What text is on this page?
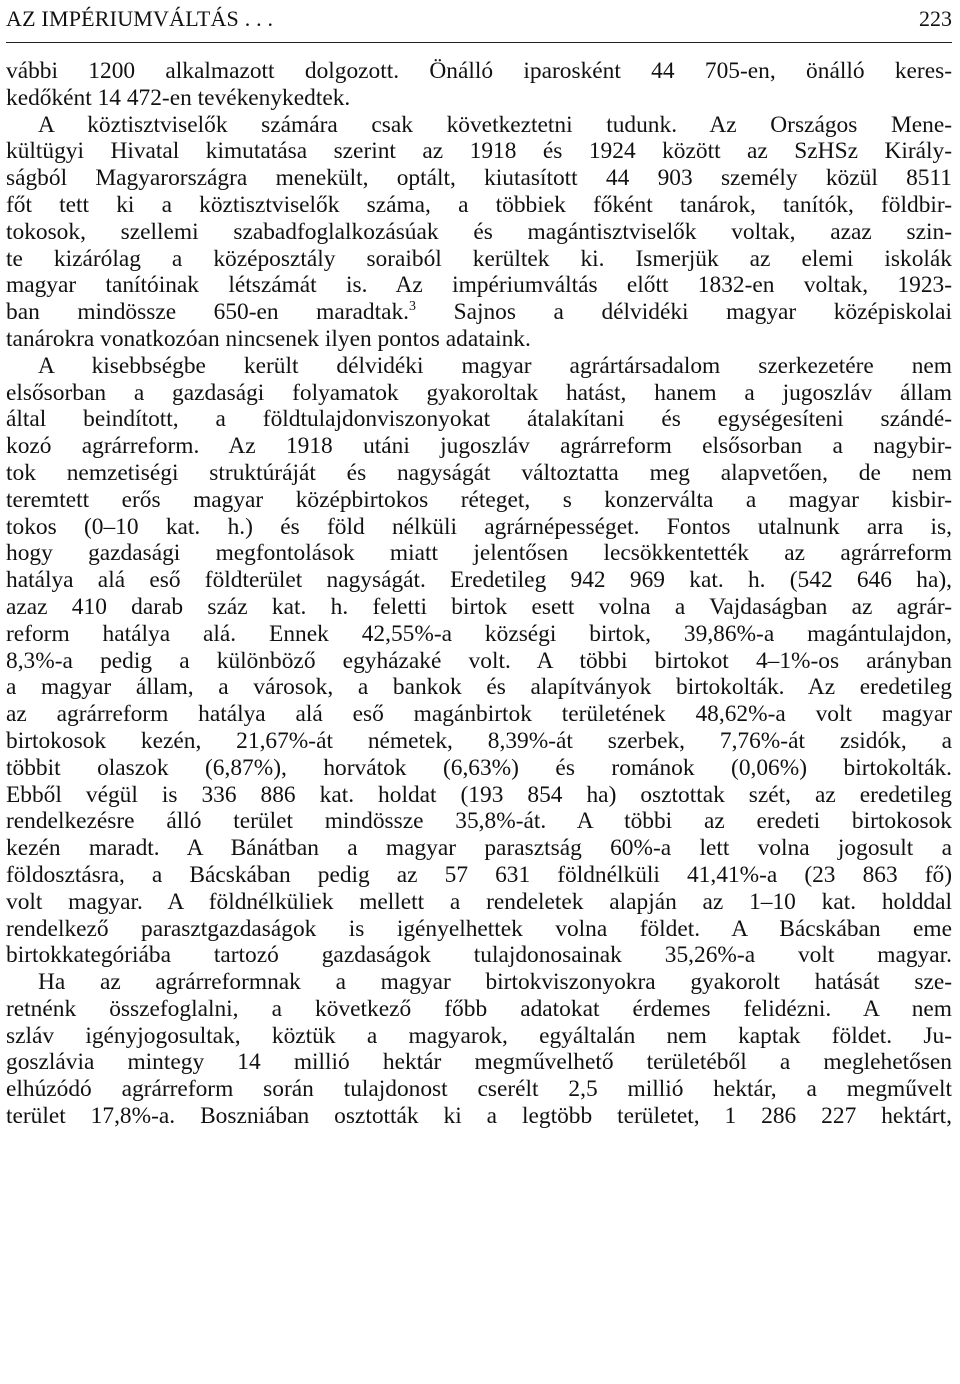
AZ IMPÉRIUMVÁLTÁS . . .	223
vábbi 1200 alkalmazott dolgozott. Önálló iparosként 44 705-en, önálló keres-
kedőként 14 472-en tevékenykedtek.
A köztisztviselők számára csak következtetni tudunk. Az Országos Mene-
kültügyi Hivatal kimutatása szerint az 1918 és 1924 között az SzHSz Király-
ságból Magyarországra menekült, optált, kiutasított 44 903 személy közül 8511
főt tett ki a köztisztviselők száma, a többiek főként tanárok, tanítók, földbir-
tokosok, szellemi szabadfoglalkozásúak és magántisztviselők voltak, azaz szin-
te kizárólag a középosztály soraiból kerültek ki. Ismerjük az elemi iskolák
magyar tanítóinak létszámát is. Az impériumváltás előtt 1832-en voltak, 1923-
ban mindössze 650-en maradtak.$^3$ Sajnos a délvidéki magyar középiskolai
tanárokra vonatkozóan nincsenek ilyen pontos adataink.
A kisebbségbe került délvidéki magyar agrártársadalom szerkezetére nem
elsősorban a gazdasági folyamatok gyakoroltak hatást, hanem a jugoszláv állam
által beindított, a földtulajdonviszonyokat átalakítani és egységesíteni szándé-
kozó agrárreform. Az 1918 utáni jugoszláv agrárreform elsősorban a nagybir-
tok nemzetiségi struktúráját és nagyságát változtatta meg alapvetően, de nem
teremtett erős magyar középbirtokos réteget, s konzerválta a magyar kisbir-
tokos (0–10 kat. h.) és föld nélküli agrárnépességet. Fontos utalnunk arra is,
hogy gazdasági megfontolások miatt jelentősen lecsökkentették az agrárreform
hatálya alá eső földterület nagyságát. Eredetileg 942 969 kat. h. (542 646 ha),
azaz 410 darab száz kat. h. feletti birtok esett volna a Vajdaságban az agrár-
reform hatálya alá. Ennek 42,55%-a községi birtok, 39,86%-a magántulajdon,
8,3%-a pedig a különböző egyházaké volt. A többi birtokot 4–1%-os arányban
a magyar állam, a városok, a bankok és alapítványok birtokolták. Az eredetileg
az agrárreform hatálya alá eső magánbirtok területének 48,62%-a volt magyar
birtokosok kezén, 21,67%-át németek, 8,39%-át szerbek, 7,76%-át zsidók, a
többit olaszok (6,87%), horvátok (6,63%) és románok (0,06%) birtokolták.
Ebből végül is 336 886 kat. holdat (193 854 ha) osztottak szét, az eredetileg
rendelkezésre álló terület mindössze 35,8%-át. A többi az eredeti birtokosok
kezén maradt. A Bánátban a magyar parasztság 60%-a lett volna jogosult a
földosztásra, a Bácskában pedig az 57 631 földnélküli 41,41%-a (23 863 fő)
volt magyar. A földnélküliek mellett a rendeletek alapján az 1–10 kat. holddal
rendelkező parasztgazdaságok is igényelhettek volna földet. A Bácskában eme
birtokkategóriába tartozó gazdaságok tulajdonosainak 35,26%-a volt magyar.
Ha az agrárreformnak a magyar birtokviszonyokra gyakorolt hatását sze-
retnénk összefoglalni, a következő főbb adatokat érdemes felidézni. A nem
szláv igényjogosultak, köztük a magyarok, egyáltalán nem kaptak földet. Ju-
goszlávia mintegy 14 millió hektár megművelhető területéből a meglehetősen
elhúzódó agrárreform során tulajdonost cserélt 2,5 millió hektár, a megművelt
terület 17,8%-a. Boszniában osztották ki a legtöbb területet, 1 286 227 hektárt,
